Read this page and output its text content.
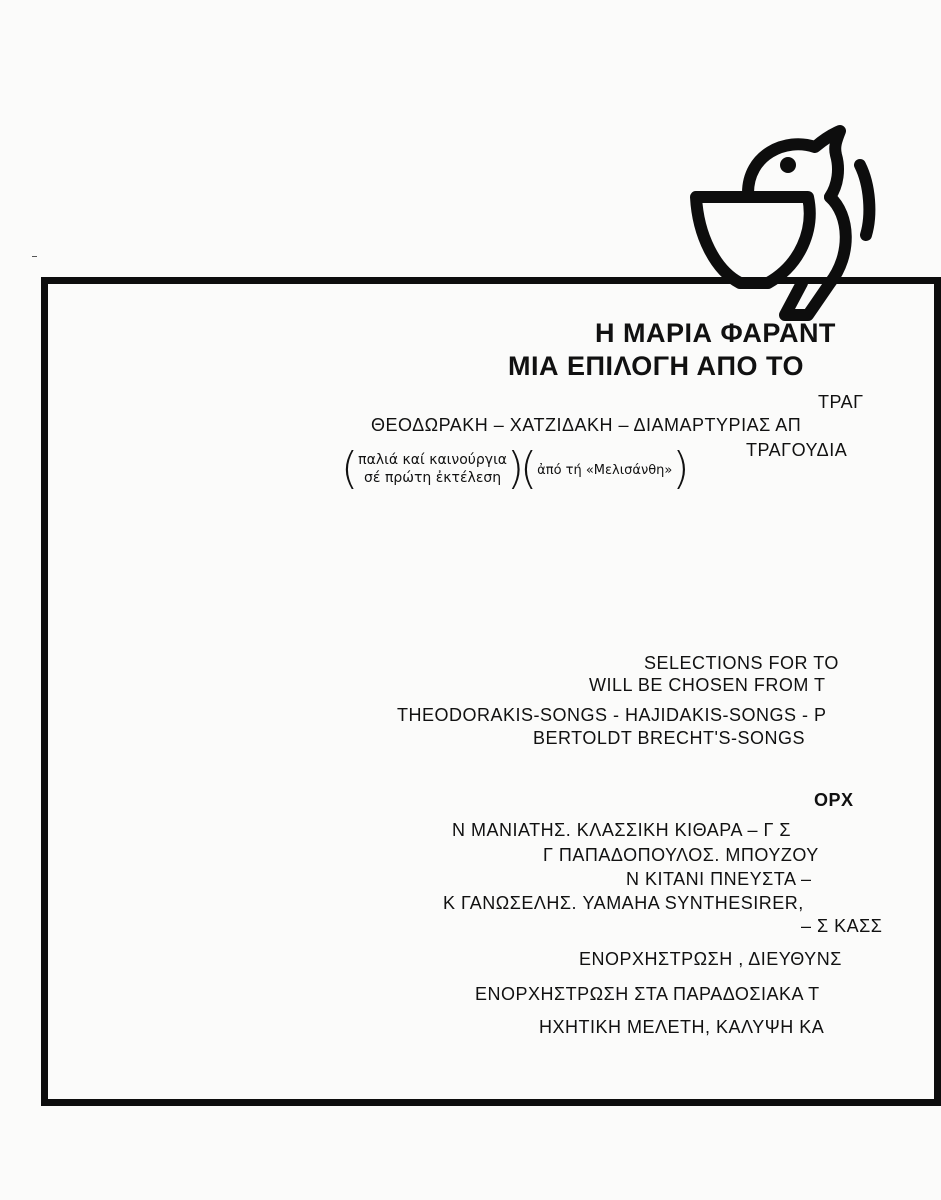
Η ΜΑΡΙΑ ΦΑΡΑΝΤ
ΜΙΑ ΕΠΙΛΟΓΗ ΑΠΟ ΤΟ
ΤΡΑΓ
ΘΕΟΔΩΡΑΚΗ – ΧΑΤΖΙΔΑΚΗ – ΔΙΑΜΑΡΤΥΡΙΑΣ ΑΠ
ΤΡΑΓΟΥΔΙΑ
( παλιά καί καινούργια
σέ πρώτη ἐκτέλεση )
( ἀπό τή «Μελισάνθη» )
SELECTIONS FOR TO
WILL BE CHOSEN FROM T
THEODORAKIS-SONGS - HAJIDAKIS-SONGS - P
BERTOLDT BRECHT'S-SONGS
ΟΡΧ
Ν ΜΑΝΙΑΤΗΣ. ΚΛΑΣΣΙΚΗ ΚΙΘΑΡΑ – Γ Σ
Γ ΠΑΠΑΔΟΠΟΥΛΟΣ. ΜΠΟΥΖΟΥ
Ν ΚΙΤΑΝΙ ΠΝΕΥΣΤΑ –
Κ ΓΑΝΩΣΕΛΗΣ. YAMAHA SYNTHESIRER,
– Σ ΚΑΣΣ
ΕΝΟΡΧΗΣΤΡΩΣΗ , ΔΙΕΥΘΥΝΣ
ΕΝΟΡΧΗΣΤΡΩΣΗ ΣΤΑ ΠΑΡΑΔΟΣΙΑΚΑ Τ
ΗΧΗΤΙΚΗ ΜΕΛΕΤΗ, ΚΑΛΥΨΗ ΚΑ
